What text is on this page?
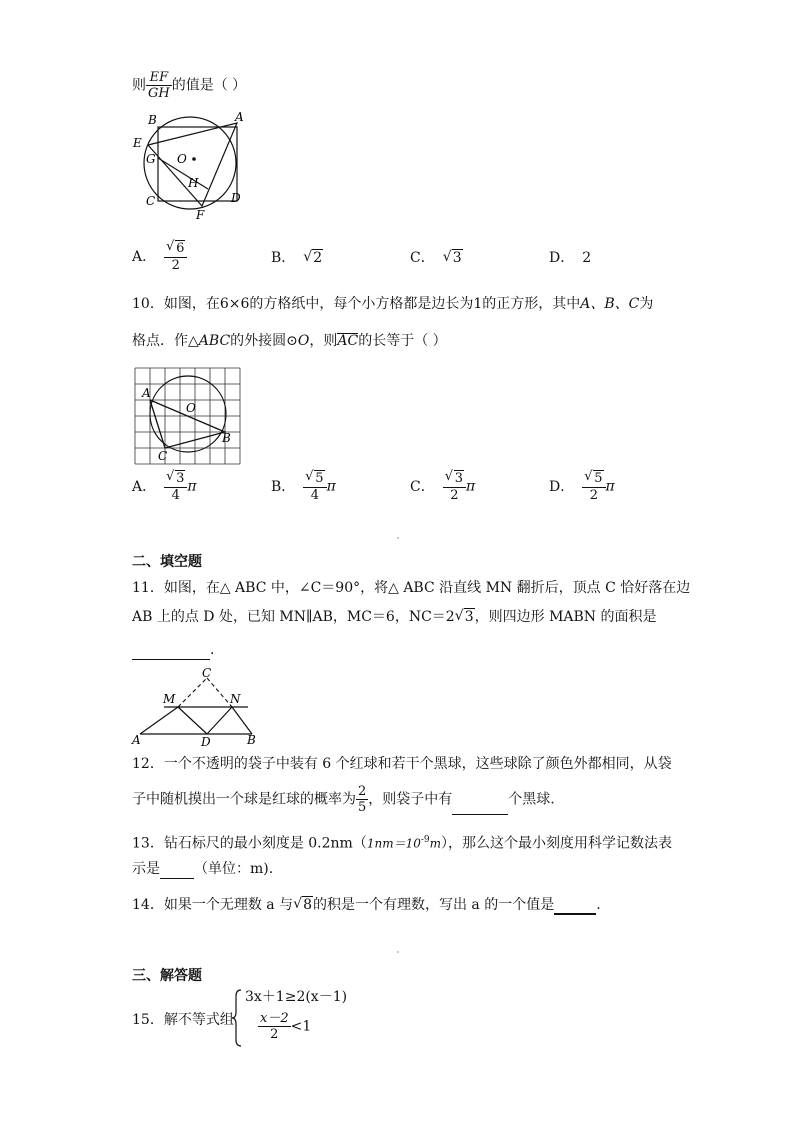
则 $\frac{EF}{GH}$ 的值是（ ）
B	A
E
G O
H
C
F
D
A． √ $\frac{6}{2}$	B． √ 2	C． √ 3	D． 2
10．如图，在6×6的方格纸中，每个小方格都是边长为1的正方形，其中A、B、C为
格点．作△ABC的外接圆⊙O，则AC的长等于（ ）
A
O
B
C
A． √ $\frac{3}{4}$ π	B． √ $\frac{5}{4}$ π	C． √ $\frac{3}{2}$ π	D． √ $\frac{5}{2}$ π
二、填空题
11．如图，在△ ABC 中，∠C＝90°，将△ ABC 沿直线 MN 翻折后，顶点 C 恰好落在边
AB 上的点 D 处，已知 MN∥AB，MC＝6，NC＝2 √ 3，则四边形 MABN 的面积是
.
C
M	N
A	D	B
12．一个不透明的袋子中装有 6 个红球和若干个黑球，这些球除了颜色外都相同，从袋
子中随机摸出一个球是红球的概率为 $\frac{2}{5}$ ，则袋子中有	个黑球.
13．钻石标尺的最小刻度是 $0.2nm(1nm=10^{-9}m)$，那么这个最小刻度用科学记数法表
示是 （单位：m).
14．如果一个无理数 a 与 √ 8的积是一个有理数，写出 a 的一个值是	.
三、解答题
15．解不等式组
3x＋1≥2(x－1)
$\frac{x-2}{2} <1$
